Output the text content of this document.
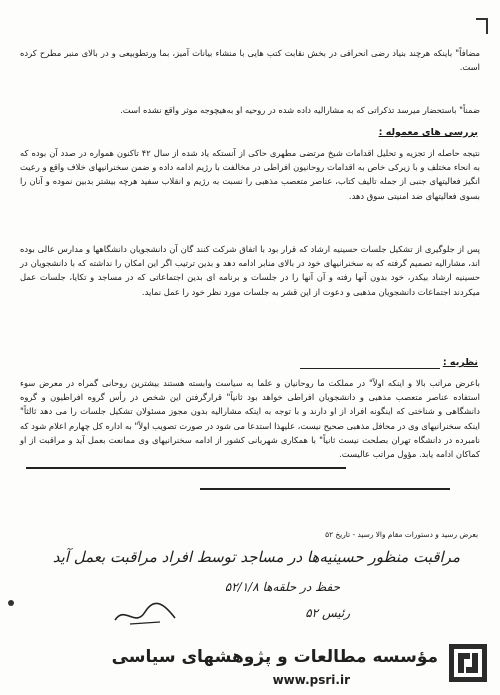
مضافاً" باینکه هرچند بنیاد رضی انحرافی در بخش نقابت کتب هایی با منشاء بیانات آمیز، بما ورتطوبیعی و در بالای منبر مطرح کرده است.

ضمناً" باستحضار میرسد تذکراتی که به مشارالیه داده شده در روحیه او به‌هیچوجه موثر واقع نشده است.

بررسی های معموله :

نتیجه حاصله از تجزیه و تحلیل اقدامات شیخ مرتضی مطهری حاکی از آنستکه یاد شده از سال ۴۲ تاکنون همواره در صدد آن بوده که به انحاء مختلف و با زیرکی خاص به اقدامات روحانیون افراطی در مخالفت با رژیم ادامه داده و ضمن سخنرانیهای خلاف واقع و رعیت انگیز فعالیتهای جنبی از جمله تالیف کتاب، عناصر متعصب مذهبی را نسبت به رژیم و انقلاب سفید هرچه بیشتر بدبین نموده و آنان را بسوی فعالیتهای ضد امنیتی سوق دهد.

پس از جلوگیری از تشکیل جلسات حسینیه ارشاد که قرار بود با اتفاق شرکت کنند گان آن دانشجویان دانشگاهها و مدارس عالی بوده اند، مشارالیه تصمیم گرفته که به سخنرانیهای خود در بالای منابر ادامه دهد و بدین ترتیب اگر این امکان را نداشته که با دانشجویان در حسینیه ارشاد بیکدر، خود بدون آنها رفته و آن آنها را در جلسات و برنامه ای بدین اجتماعاتی که در مساجد و تکایا، جلسات عمل میکردند اجتماعات دانشجویان مذهبی و دعوت از این قشر به جلسات مورد نظر خود را عمل نماید.

نظریه :

باعرض مراتب بالا و اینکه اولاً" در مملکت ما روحانیان و علما به سیاست وابسته هستند بیشترین روحانی گمراه در معرض سوء استفاده عناصر متعصب مذهبی و دانشجویان افراطی خواهد بود ثانیاً" قرارگرفتن این شخص در رأس گروه افراطیون و گروه دانشگاهی و شناختی که اینگونه افراد از او دارند و با توجه به اینکه مشارالیه بدون مجوز مسئولان تشکیل جلسات را می دهد ثالثاً" اینکه سخنرانیهای وی در محافل مذهبی صحیح نیست، علیهذا استدعا می شود در صورت تصویب اولاً" به اداره کل چهارم اعلام شود که نامبرده در دانشگاه تهران بصلحت نیست ثانیاً" با همکاری شهربانی کشور از ادامه سخنرانیهای وی ممانعت بعمل آید و مراقبت از او کماکان ادامه یابد. مؤول مراتب عالیست.

بعرض رسید و دستورات مقام والا رسید - تاریخ ۵۲
مراقبت منظور حسینیه‌ها در مساجد توسط افراد مراقبت بعمل آید
حفظ در حلقه‌ها ۵۲/۱/۸
رئیس ۵۲
مؤسسه مطالعات و پژوهشهای سیاسی
www.psri.ir
